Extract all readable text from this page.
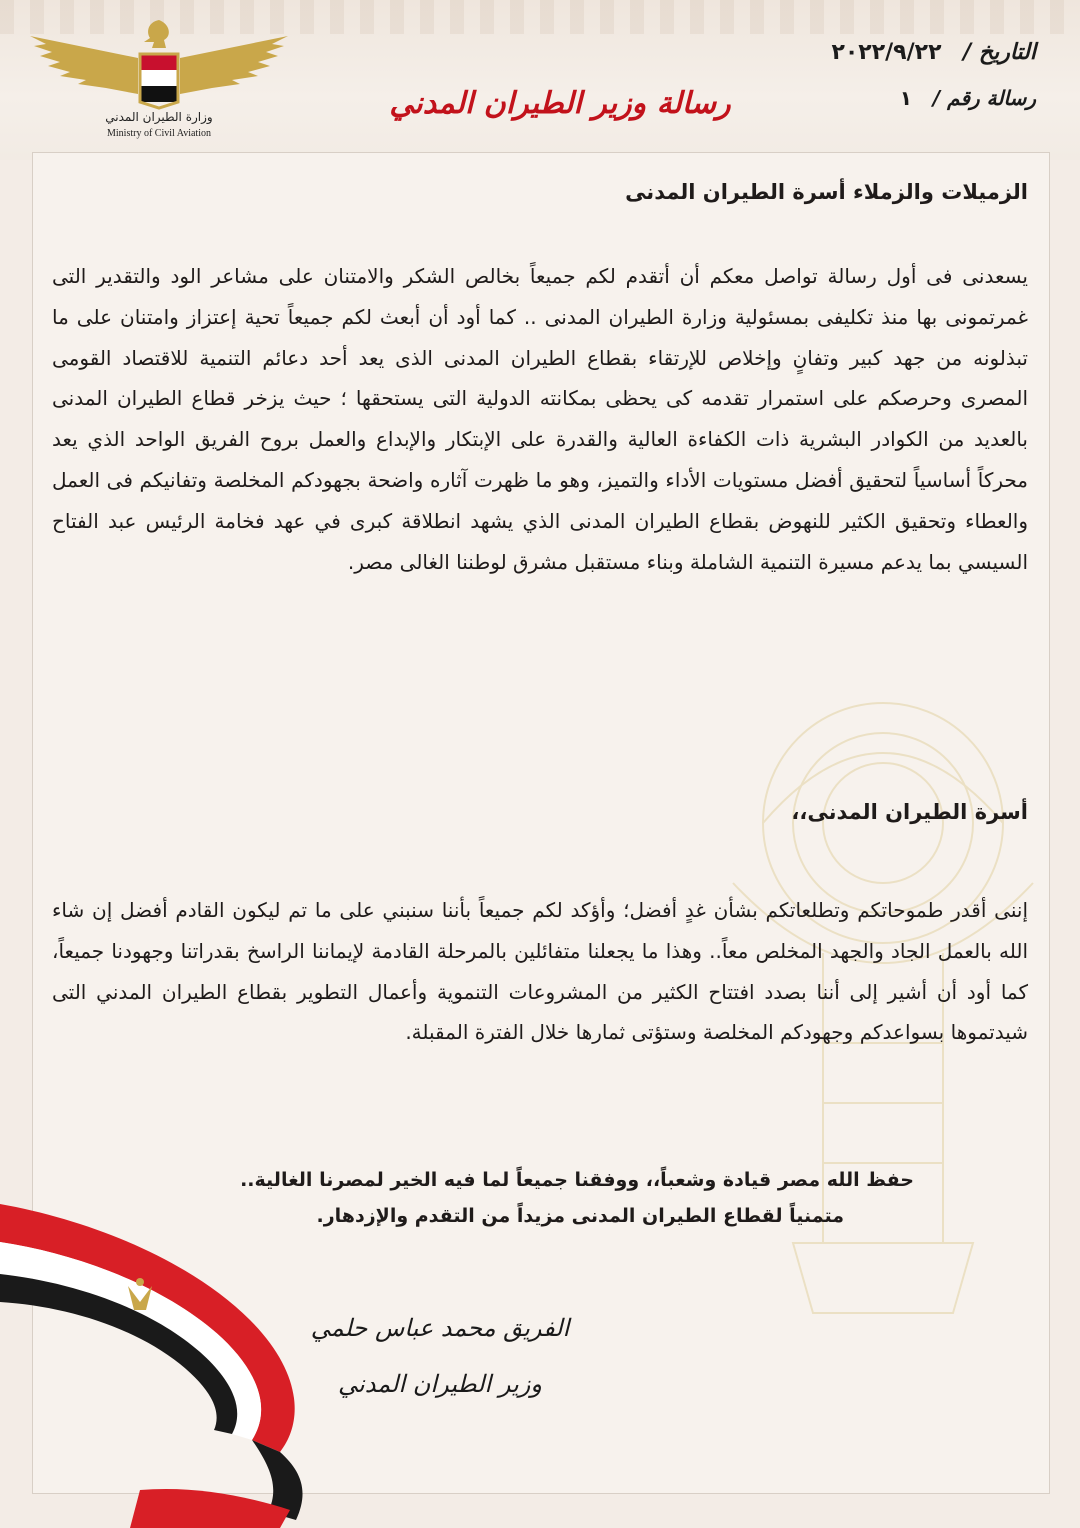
وزارة الطيران المدني
Ministry of Civil Aviation
رسالة وزير الطيران المدني
التاريخ / ٢٠٢٢/٩/٢٢
رسالة رقم / ١
الزميلات والزملاء أسرة الطيران المدنى
يسعدنى فى أول رسالة تواصل معكم أن أتقدم لكم جميعاً بخالص الشكر والامتنان على مشاعر الود والتقدير التى غمرتمونى بها منذ تكليفى بمسئولية وزارة الطيران المدنى .. كما أود أن أبعث لكم جميعاً تحية إعتزاز وامتنان على ما تبذلونه من جهد كبير وتفانٍ وإخلاص للإرتقاء بقطاع الطيران المدنى الذى يعد أحد دعائم التنمية للاقتصاد القومى المصرى وحرصكم على استمرار تقدمه كى يحظى بمكانته الدولية التى يستحقها ؛ حيث يزخر قطاع الطيران المدنى بالعديد من الكوادر البشرية ذات الكفاءة العالية والقدرة على الإبتكار والإبداع والعمل بروح الفريق الواحد الذي يعد محركاً أساسياً لتحقيق أفضل مستويات الأداء والتميز، وهو ما ظهرت آثاره واضحة بجهودكم المخلصة وتفانيكم فى العمل والعطاء وتحقيق الكثير للنهوض بقطاع الطيران المدنى الذي يشهد انطلاقة كبرى في عهد فخامة الرئيس عبد الفتاح السيسي بما يدعم مسيرة التنمية الشاملة وبناء مستقبل مشرق لوطننا الغالى مصر.
أسرة الطيران المدنى،،
إننى أقدر طموحاتكم وتطلعاتكم بشأن غدٍ أفضل؛ وأؤكد لكم جميعاً بأننا سنبني على ما تم ليكون القادم أفضل إن شاء الله بالعمل الجاد والجهد المخلص معاً.. وهذا ما يجعلنا متفائلين بالمرحلة القادمة لإيماننا الراسخ بقدراتنا وجهودنا جميعاً، كما أود أن أشير إلى أننا بصدد افتتاح الكثير من المشروعات التنموية وأعمال التطوير بقطاع الطيران المدني التى شيدتموها بسواعدكم وجهودكم المخلصة وستؤتى ثمارها خلال الفترة المقبلة.
حفظ الله مصر قيادة وشعباً،، ووفقنا جميعاً لما فيه الخير لمصرنا الغالية..
متمنياً لقطاع الطيران المدنى مزيداً من التقدم والإزدهار.
الفريق محمد عباس حلمي
وزير الطيران المدني
